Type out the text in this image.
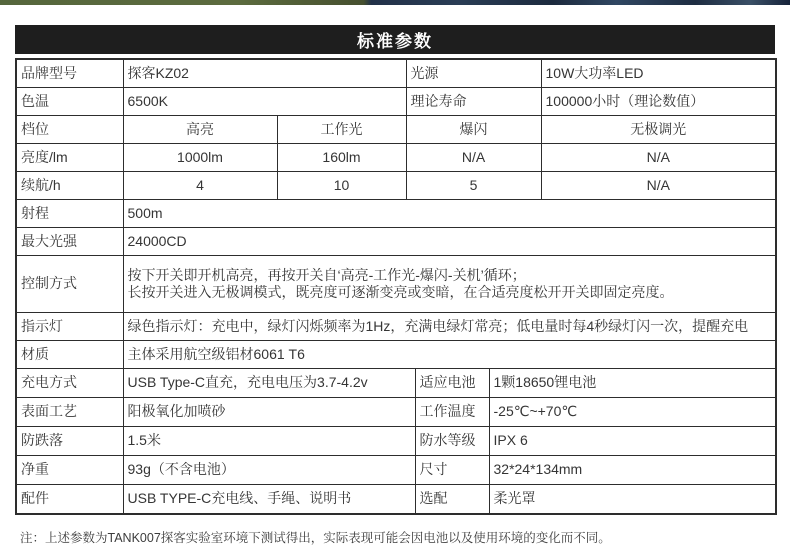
标准参数
品牌型号	探客KZ02		光源			10W大功率LED
色温	6500K		理论寿命			100000小时（理论数值）
档位	高亮	工作光	爆闪			无极调光
亮度/lm	1000lm	160lm	N/A			N/A
续航/h	4	10	5			N/A
射程	500m					
最大光强	24000CD					
控制方式	按下开关即开机高亮，再按开关自‘高亮-工作光-爆闪-关机’循环；
长按开关进入无极调模式，既亮度可逐渐变亮或变暗，在合适亮度松开开关即固定亮度。					

指示灯	绿色指示灯：充电中，绿灯闪烁频率为1Hz，充满电绿灯常亮；低电量时每4秒绿灯闪一次，提醒充电					
材质	主体采用航空级铝材6061 T6					
充电方式	USB Type-C直充，充电电压为3.7-4.2v			适应电池	1颗18650锂电池	
表面工艺	阳极氧化加喷砂			工作温度	-25℃~+70℃	
防跌落	1.5米			防水等级	IPX 6	
净重	93g（不含电池）			尺寸	32*24*134mm	
配件	USB TYPE-C充电线、手绳、说明书			选配	柔光罩	
注：上述参数为TANK007探客实验室环境下测试得出，实际表现可能会因电池以及使用环境的变化而不同。
